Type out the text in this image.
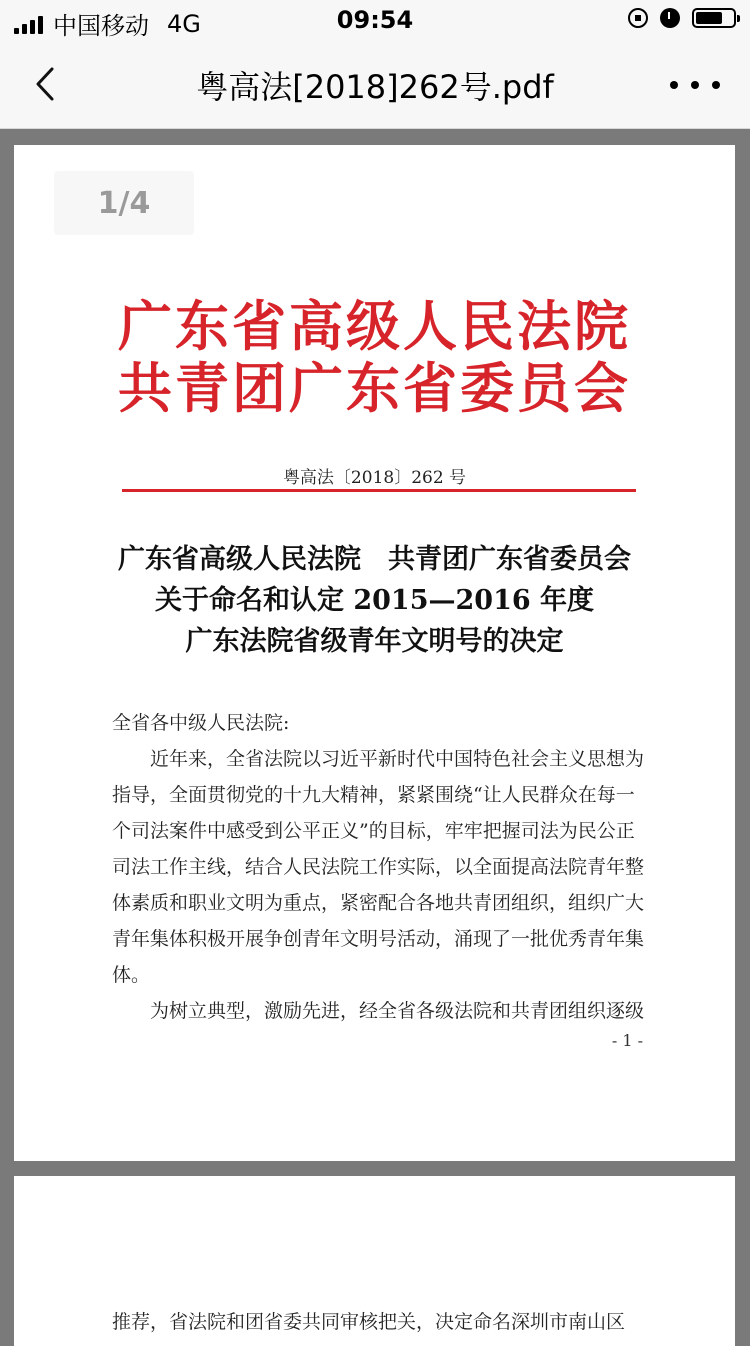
中国移动 4G	09:54
粤高法[2018]262号.pdf
1/4
广东省高级人民法院
共青团广东省委员会
粤高法〔2018〕262 号
广东省高级人民法院　共青团广东省委员会
关于命名和认定 2015—2016 年度
广东法院省级青年文明号的决定

全省各中级人民法院:

近年来，全省法院以习近平新时代中国特色社会主义思想为指导，全面贯彻党的十九大精神，紧紧围绕“让人民群众在每一个司法案件中感受到公平正义”的目标，牢牢把握司法为民公正司法工作主线，结合人民法院工作实际，以全面提高法院青年整体素质和职业文明为重点，紧密配合各地共青团组织，组织广大青年集体积极开展争创青年文明号活动，涌现了一批优秀青年集体。

为树立典型，激励先进，经全省各级法院和共青团组织逐级

- 1 -
推荐，省法院和团省委共同审核把关，决定命名深圳市南山区
